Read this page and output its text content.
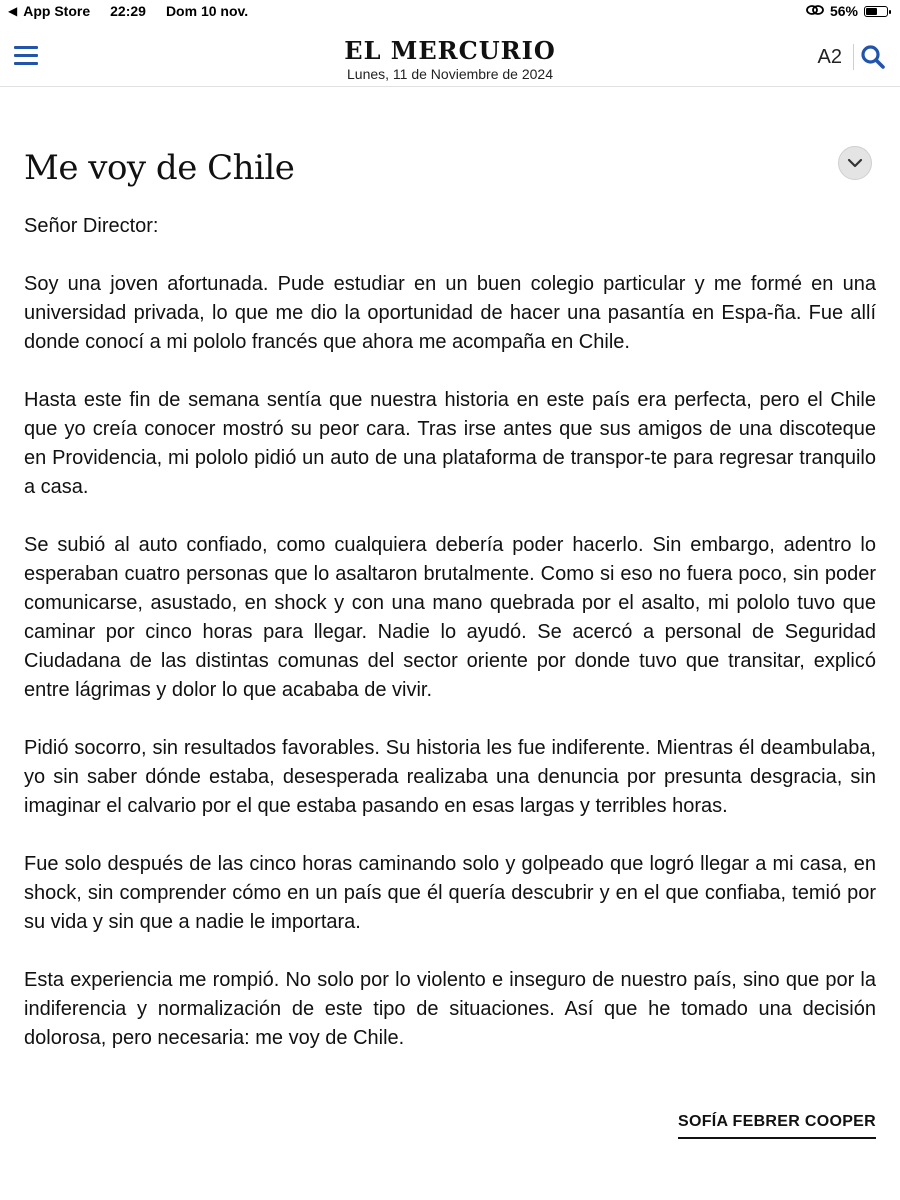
◀ App Store 22:29 Dom 10 nov.	56%
EL MERCURIO
Lunes, 11 de Noviembre de 2024
A2
Me voy de Chile

Señor Director:

Soy una joven afortunada. Pude estudiar en un buen colegio particular y me formé en una universidad privada, lo que me dio la oportunidad de hacer una pasantía en Espa-ña. Fue allí donde conocí a mi pololo francés que ahora me acompaña en Chile.

Hasta este fin de semana sentía que nuestra historia en este país era perfecta, pero el Chile que yo creía conocer mostró su peor cara. Tras irse antes que sus amigos de una discoteque en Providencia, mi pololo pidió un auto de una plataforma de transpor-te para regresar tranquilo a casa.

Se subió al auto confiado, como cualquiera debería poder hacerlo. Sin embargo, adentro lo esperaban cuatro personas que lo asaltaron brutalmente. Como si eso no fuera poco, sin poder comunicarse, asustado, en shock y con una mano quebrada por el asalto, mi pololo tuvo que caminar por cinco horas para llegar. Nadie lo ayudó. Se acercó a personal de Seguridad Ciudadana de las distintas comunas del sector oriente por donde tuvo que transitar, explicó entre lágrimas y dolor lo que acababa de vivir.

Pidió socorro, sin resultados favorables. Su historia les fue indiferente. Mientras él deambulaba, yo sin saber dónde estaba, desesperada realizaba una denuncia por presunta desgracia, sin imaginar el calvario por el que estaba pasando en esas largas y terribles horas.

Fue solo después de las cinco horas caminando solo y golpeado que logró llegar a mi casa, en shock, sin comprender cómo en un país que él quería descubrir y en el que confiaba, temió por su vida y sin que a nadie le importara.

Esta experiencia me rompió. No solo por lo violento e inseguro de nuestro país, sino que por la indiferencia y normalización de este tipo de situaciones. Así que he tomado una decisión dolorosa, pero necesaria: me voy de Chile.

SOFÍA FEBRER COOPER
